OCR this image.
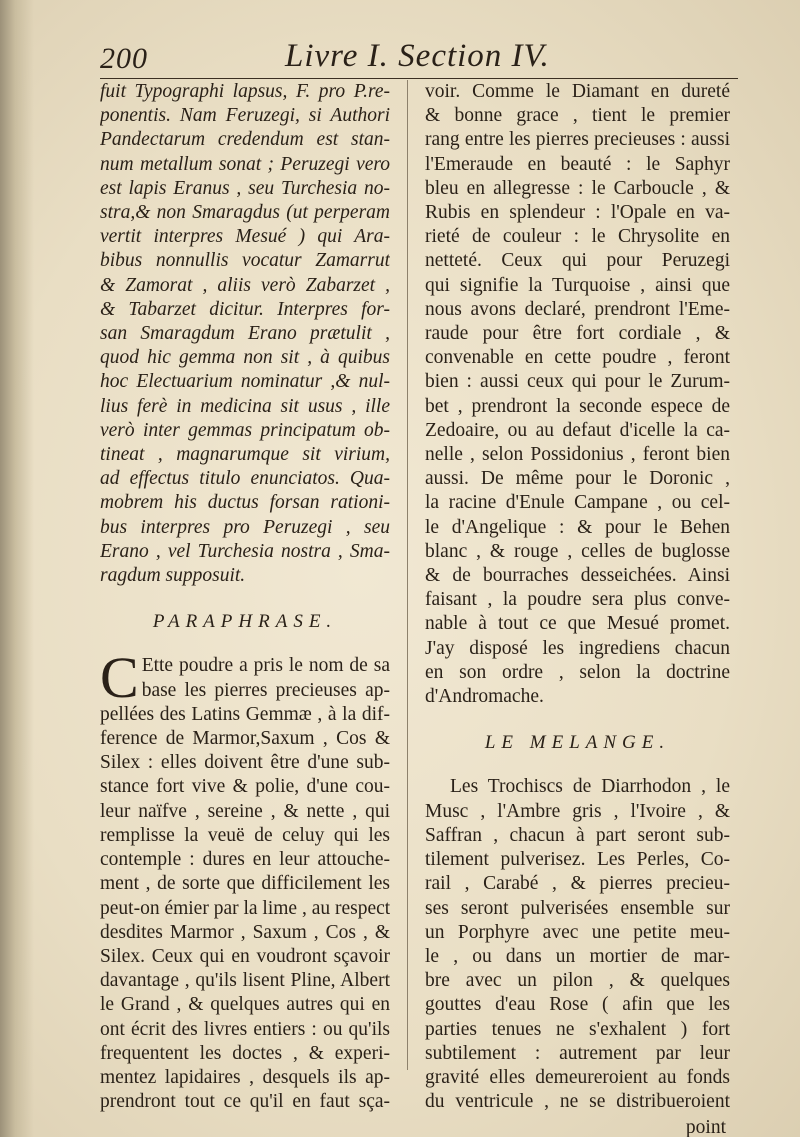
200	Livre I. Section IV.
fuit Typographi lapsus, F. pro P.re-
ponentis. Nam Feruzegi, si Authori
Pandectarum credendum est stan-
num metallum sonat ; Peruzegi vero
est lapis Eranus , seu Turchesia no-
stra,& non Smaragdus (ut perperam
vertit interpres Mesué ) qui Ara-
bibus nonnullis vocatur Zamarrut
& Zamorat , aliis verò Zabarzet ,
& Tabarzet dicitur. Interpres for-
san Smaragdum Erano prætulit ,
quod hic gemma non sit , à quibus
hoc Electuarium nominatur ,& nul-
lius ferè in medicina sit usus , ille
verò inter gemmas principatum ob-
tineat , magnarumque sit virium,
ad effectus titulo enunciatos. Qua-
mobrem his ductus forsan rationi-
bus interpres pro Peruzegi , seu
Erano , vel Turchesia nostra , Sma-
ragdum supposuit.
PARAPHRASE.
C Ette poudre a pris le nom de sa
base les pierres precieuses ap-
pellées des Latins Gemmæ , à la dif-
ference de Marmor,Saxum , Cos &
Silex : elles doivent être d'une sub-
stance fort vive & polie, d'une cou-
leur naïfve , sereine , & nette , qui
remplisse la veuë de celuy qui les
contemple : dures en leur attouche-
ment , de sorte que difficilement les
peut-on émier par la lime , au respect
desdites Marmor , Saxum , Cos , &
Silex. Ceux qui en voudront sçavoir
davantage , qu'ils lisent Pline, Albert
le Grand , & quelques autres qui en
ont écrit des livres entiers : ou qu'ils
frequentent les doctes , & experi-
mentez lapidaires , desquels ils ap-
prendront tout ce qu'il en faut sça-
voir. Comme le Diamant en dureté
& bonne grace , tient le premier
rang entre les pierres precieuses : aussi
l'Emeraude en beauté : le Saphyr
bleu en allegresse : le Carboucle , &
Rubis en splendeur : l'Opale en va-
rieté de couleur : le Chrysolite en
netteté. Ceux qui pour Peruzegi
qui signifie la Turquoise , ainsi que
nous avons declaré, prendront l'Eme-
raude pour être fort cordiale , &
convenable en cette poudre , feront
bien : aussi ceux qui pour le Zurum-
bet , prendront la seconde espece de
Zedoaire, ou au defaut d'icelle la ca-
nelle , selon Possidonius , feront bien
aussi. De même pour le Doronic ,
la racine d'Enule Campane , ou cel-
le d'Angelique : & pour le Behen
blanc , & rouge , celles de buglosse
& de bourraches desseichées. Ainsi
faisant , la poudre sera plus conve-
nable à tout ce que Mesué promet.
J'ay disposé les ingrediens chacun
en son ordre , selon la doctrine
d'Andromache.
LE MELANGE.
Les Trochiscs de Diarrhodon , le
Musc , l'Ambre gris , l'Ivoire , &
Saffran , chacun à part seront sub-
tilement pulverisez. Les Perles, Co-
rail , Carabé , & pierres precieu-
ses seront pulverisées ensemble sur
un Porphyre avec une petite meu-
le , ou dans un mortier de mar-
bre avec un pilon , & quelques
gouttes d'eau Rose ( afin que les
parties tenues ne s'exhalent ) fort
subtilement : autrement par leur
gravité elles demeureroient au fonds
du ventricule , ne se distribueroient
point
